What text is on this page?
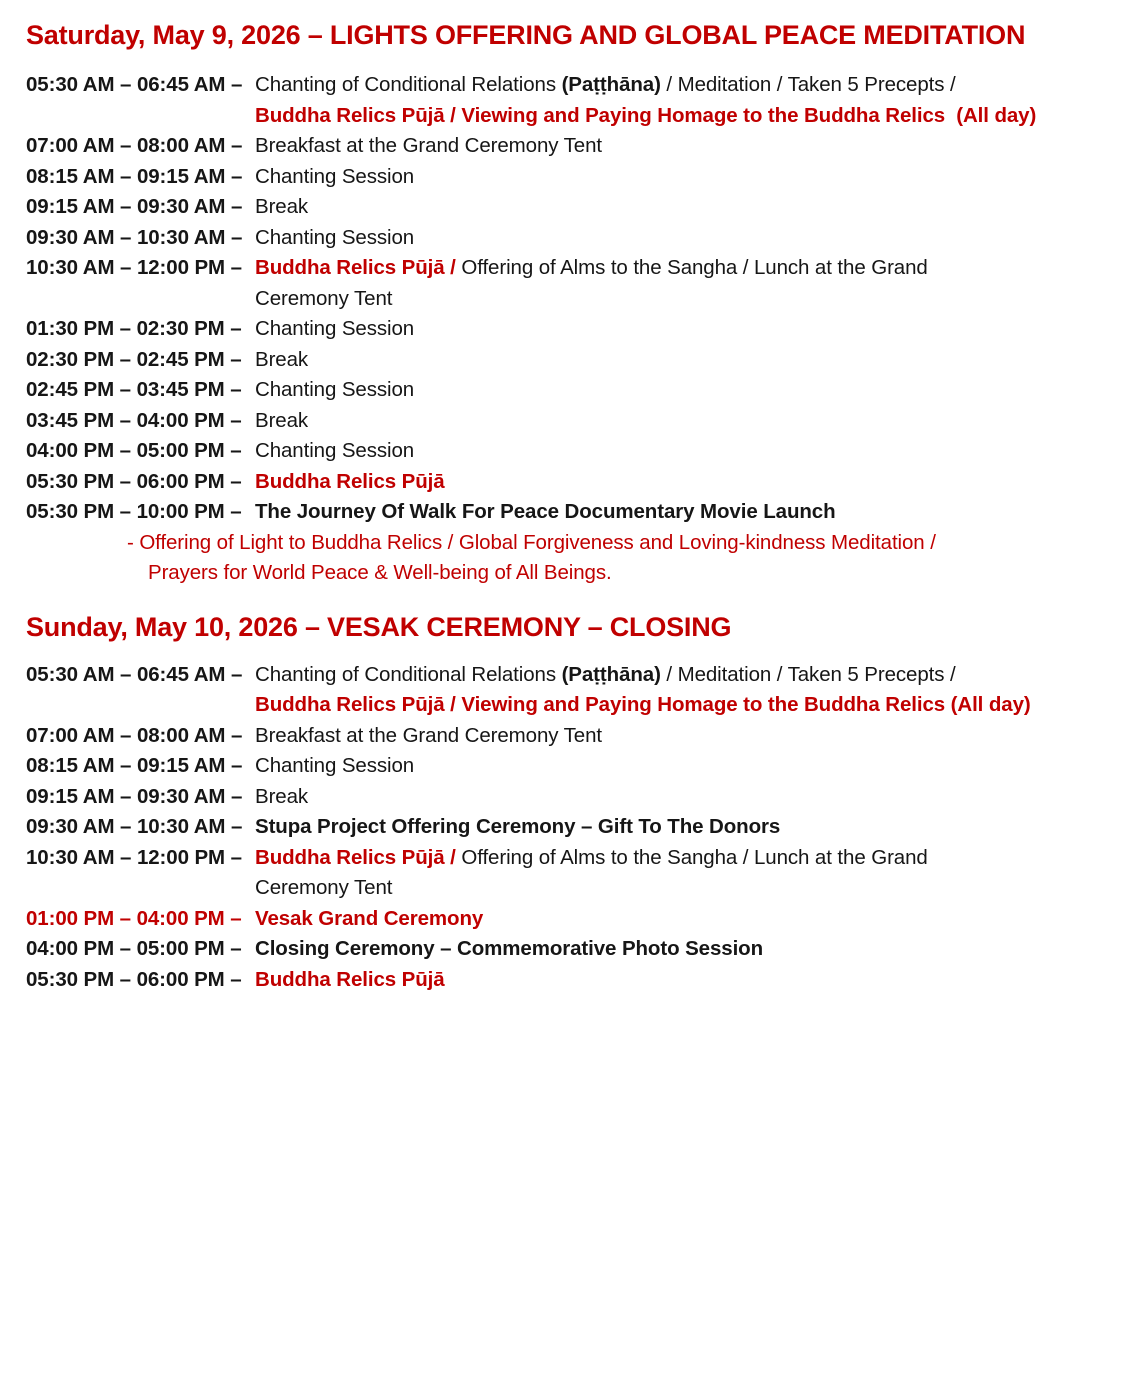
Saturday, May 9, 2026 – LIGHTS OFFERING AND GLOBAL PEACE MEDITATION
05:30 AM – 06:45 AM – Chanting of Conditional Relations (Paṭṭhāna) / Meditation / Taken 5 Precepts /
Buddha Relics Pūjā / Viewing and Paying Homage to the Buddha Relics  (All day)
07:00 AM – 08:00 AM – Breakfast at the Grand Ceremony Tent
08:15 AM – 09:15 AM – Chanting Session
09:15 AM – 09:30 AM – Break
09:30 AM – 10:30 AM – Chanting Session
10:30 AM – 12:00 PM – Buddha Relics Pūjā / Offering of Alms to the Sangha / Lunch at the Grand
Ceremony Tent
01:30 PM – 02:30 PM – Chanting Session
02:30 PM – 02:45 PM – Break
02:45 PM – 03:45 PM – Chanting Session
03:45 PM – 04:00 PM – Break
04:00 PM – 05:00 PM – Chanting Session
05:30 PM – 06:00 PM – Buddha Relics Pūjā
05:30 PM – 10:00 PM – The Journey Of Walk For Peace Documentary Movie Launch
- Offering of Light to Buddha Relics / Global Forgiveness and Loving-kindness Meditation /
Prayers for World Peace & Well-being of All Beings.
Sunday, May 10, 2026 – VESAK CEREMONY – CLOSING
05:30 AM – 06:45 AM – Chanting of Conditional Relations (Paṭṭhāna) / Meditation / Taken 5 Precepts /
Buddha Relics Pūjā / Viewing and Paying Homage to the Buddha Relics (All day)
07:00 AM – 08:00 AM – Breakfast at the Grand Ceremony Tent
08:15 AM – 09:15 AM – Chanting Session
09:15 AM – 09:30 AM – Break
09:30 AM – 10:30 AM – Stupa Project Offering Ceremony – Gift To The Donors
10:30 AM – 12:00 PM – Buddha Relics Pūjā / Offering of Alms to the Sangha / Lunch at the Grand
Ceremony Tent
01:00 PM – 04:00 PM – Vesak Grand Ceremony
04:00 PM – 05:00 PM – Closing Ceremony – Commemorative Photo Session
05:30 PM – 06:00 PM – Buddha Relics Pūjā
